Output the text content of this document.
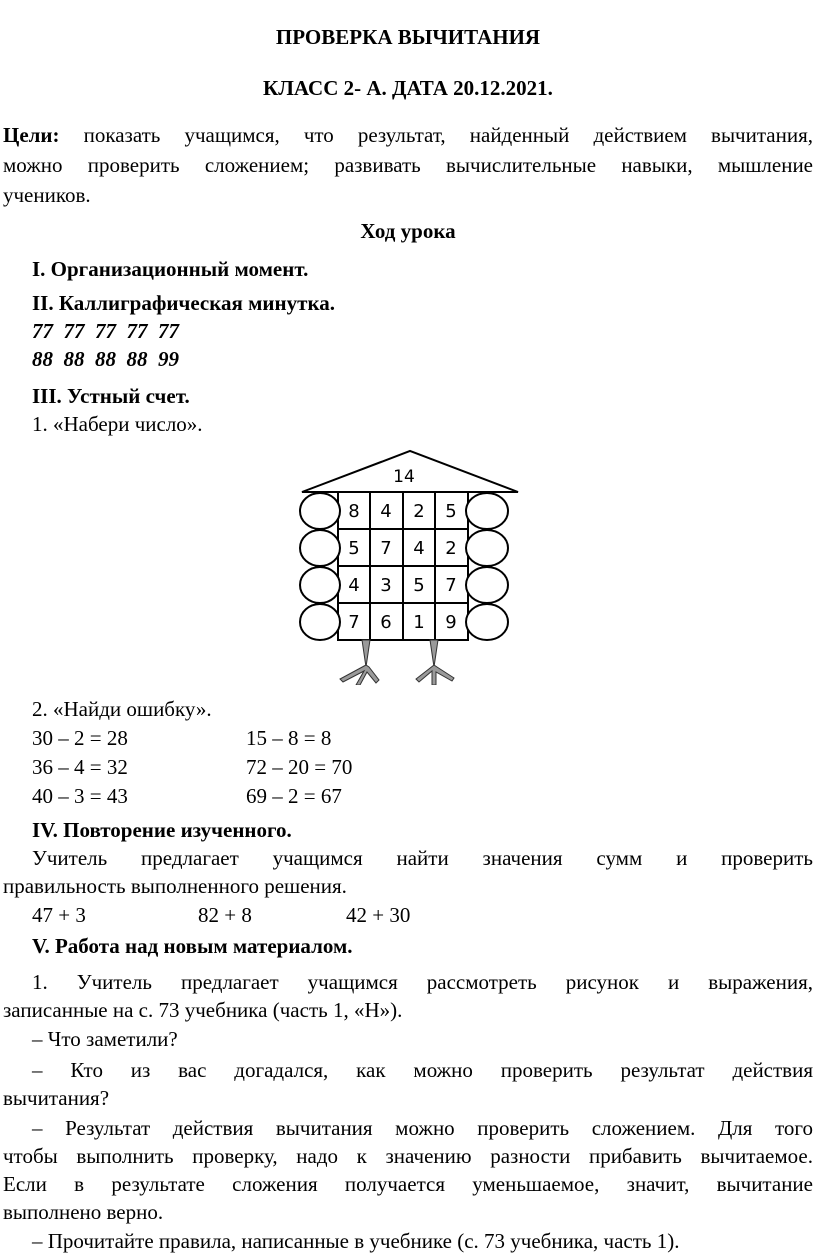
ПРОВЕРКА ВЫЧИТАНИЯ
КЛАСС 2- А. ДАТА 20.12.2021.
Цели: показать учащимся, что результат, найденный действием вычитания,
можно проверить сложением; развивать вычислительные навыки, мышление
учеников.
Ход урока
I. Организационный момент.
II. Каллиграфическая минутка.
77  77  77  77  77
88  88  88  88  99
III. Устный счет.
1. «Набери число».
14
8 4 2 5
5 7 4 2
4 3 5 7
7 6 1 9
2. «Найди ошибку».
30 – 2 = 28
36 – 4 = 32
40 – 3 = 43
15 – 8 = 8
72 – 20 = 70
69 – 2 = 67
IV. Повторение изученного.
Учитель предлагает учащимся найти значения сумм и проверить
правильность выполненного решения.
47 + 3	82 + 8	42 + 30
V. Работа над новым материалом.
1. Учитель предлагает учащимся рассмотреть рисунок и выражения,
записанные на с. 73 учебника (часть 1, «Н»).
– Что заметили?
– Кто из вас догадался, как можно проверить результат действия
вычитания?
– Результат действия вычитания можно проверить сложением. Для того
чтобы выполнить проверку, надо к значению разности прибавить вычитаемое.
Если в результате сложения получается уменьшаемое, значит, вычитание
выполнено верно.
– Прочитайте правила, написанные в учебнике (с. 73 учебника, часть 1).
